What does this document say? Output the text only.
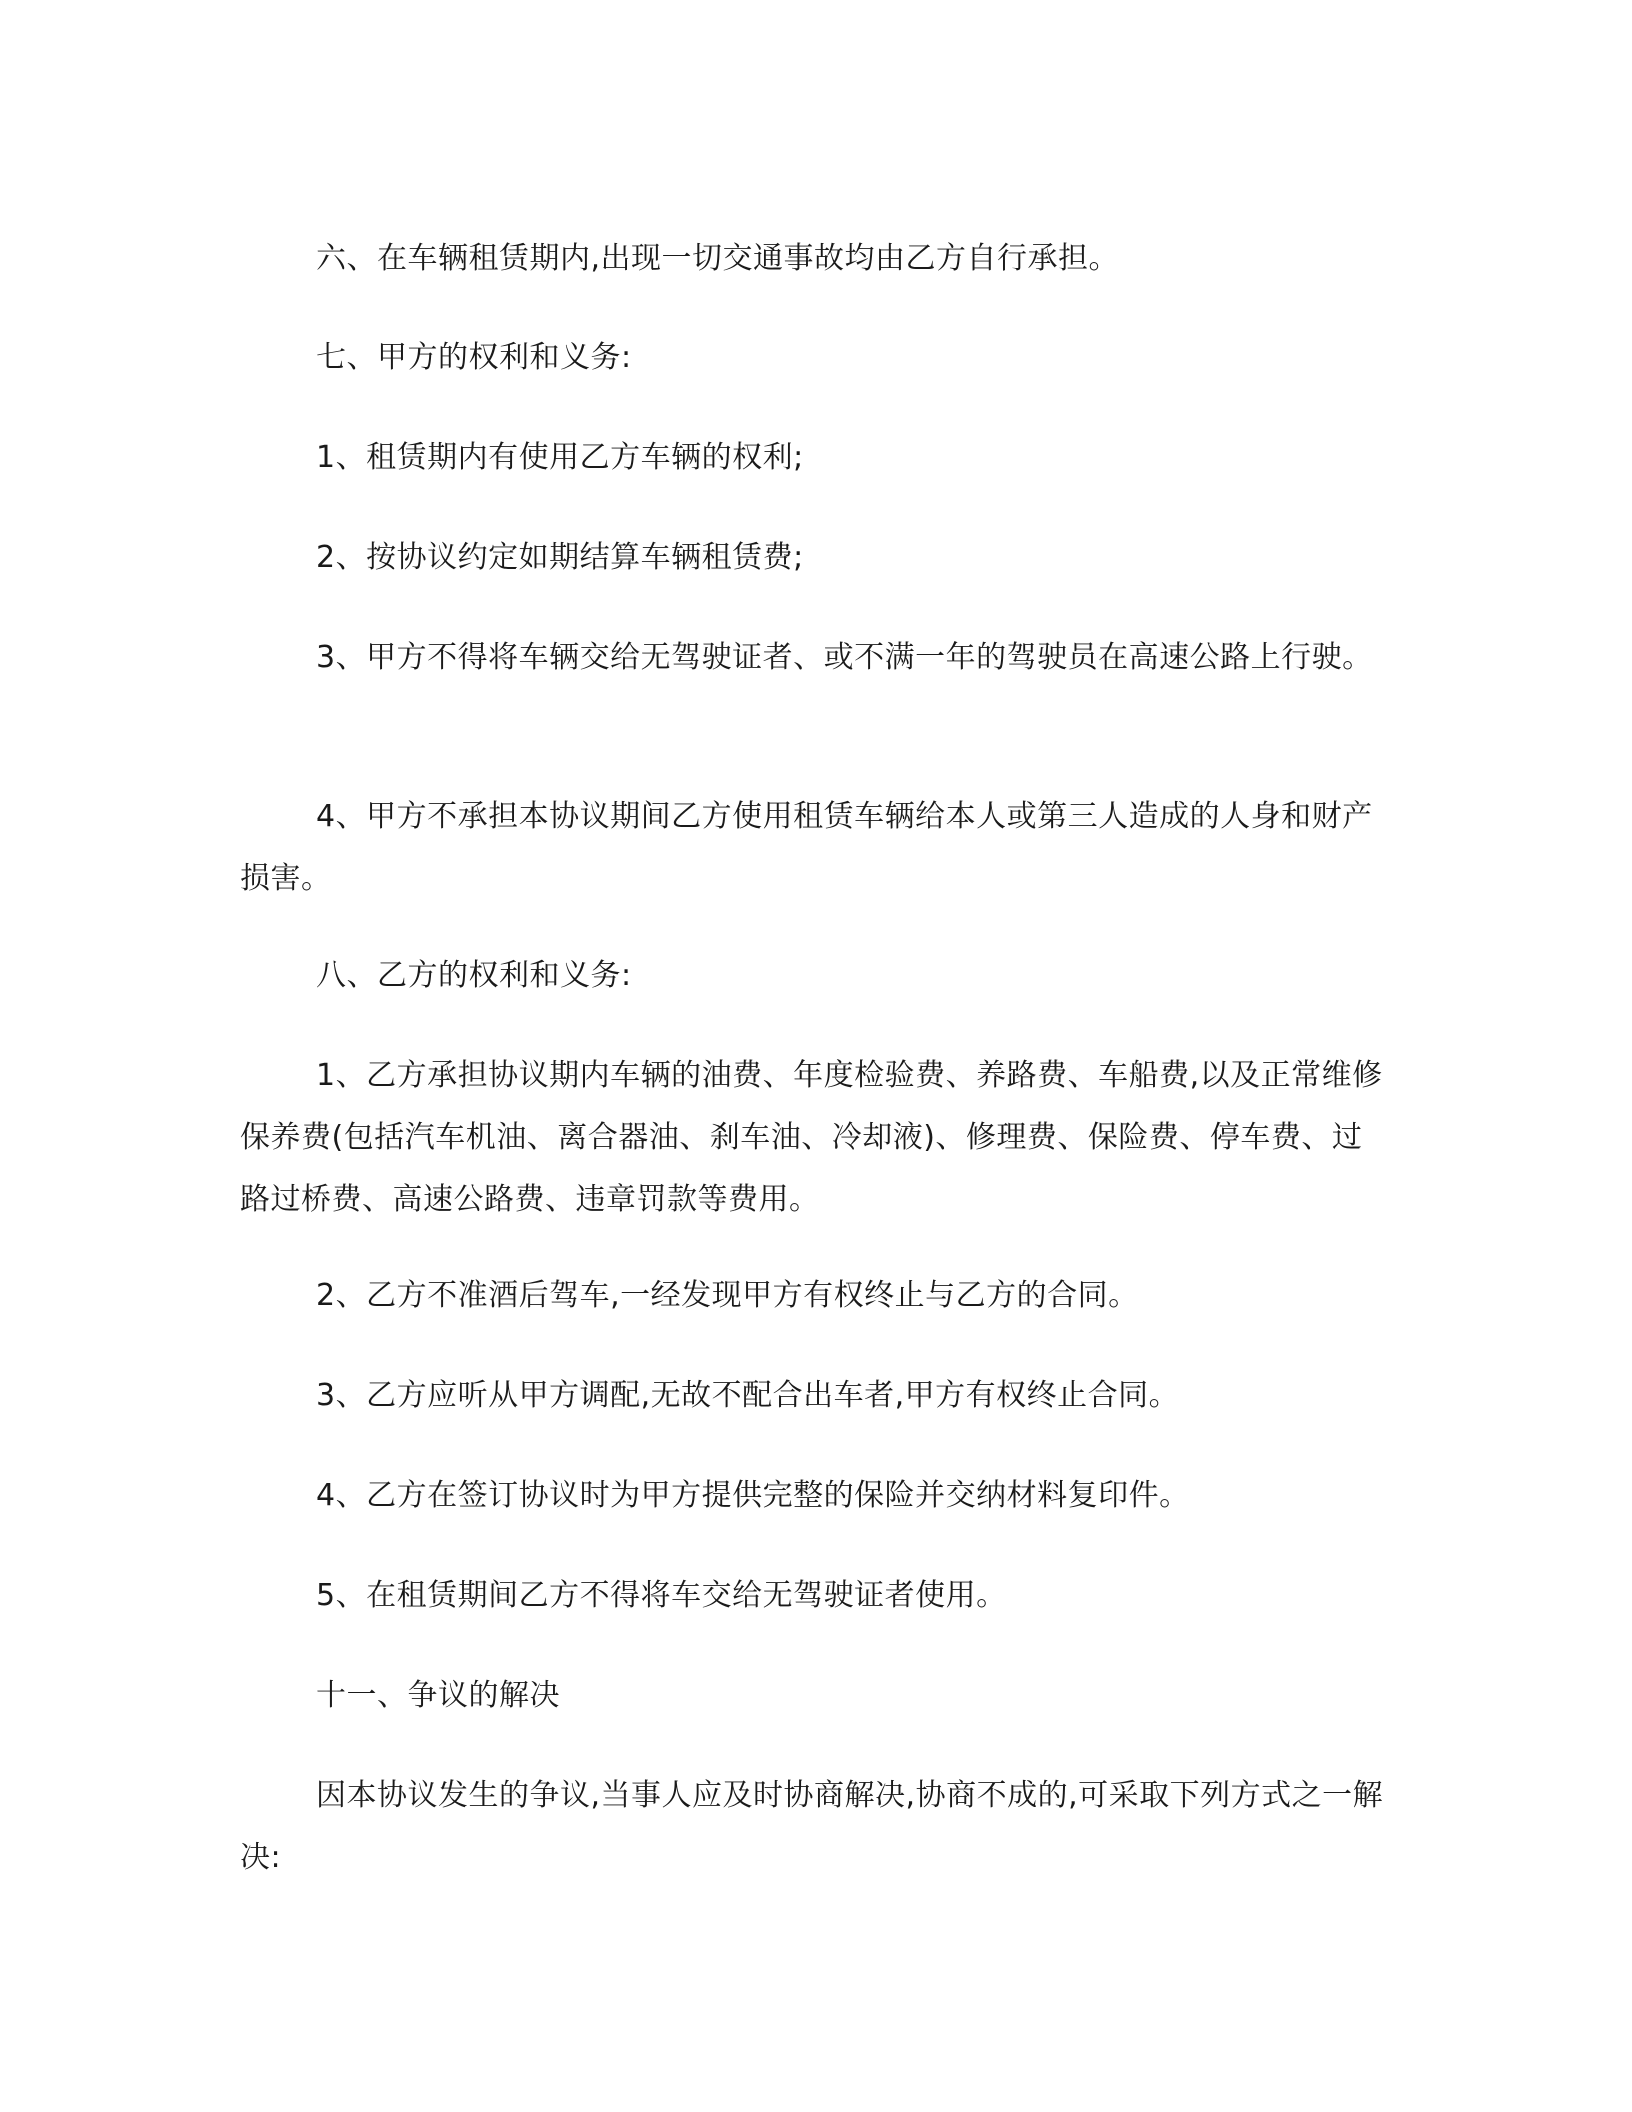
六、在车辆租赁期内,出现一切交通事故均由乙方自行承担。

七、甲方的权利和义务:

1、租赁期内有使用乙方车辆的权利;

2、按协议约定如期结算车辆租赁费;

3、甲方不得将车辆交给无驾驶证者、或不满一年的驾驶员在高速公路上行驶。

4、甲方不承担本协议期间乙方使用租赁车辆给本人或第三人造成的人身和财产损害。

八、乙方的权利和义务:

1、乙方承担协议期内车辆的油费、年度检验费、养路费、车船费,以及正常维修保养费(包括汽车机油、离合器油、刹车油、冷却液)、修理费、保险费、停车费、过路过桥费、高速公路费、违章罚款等费用。

2、乙方不准酒后驾车,一经发现甲方有权终止与乙方的合同。

3、乙方应听从甲方调配,无故不配合出车者,甲方有权终止合同。

4、乙方在签订协议时为甲方提供完整的保险并交纳材料复印件。

5、在租赁期间乙方不得将车交给无驾驶证者使用。

十一、争议的解决

因本协议发生的争议,当事人应及时协商解决,协商不成的,可采取下列方式之一解决:
